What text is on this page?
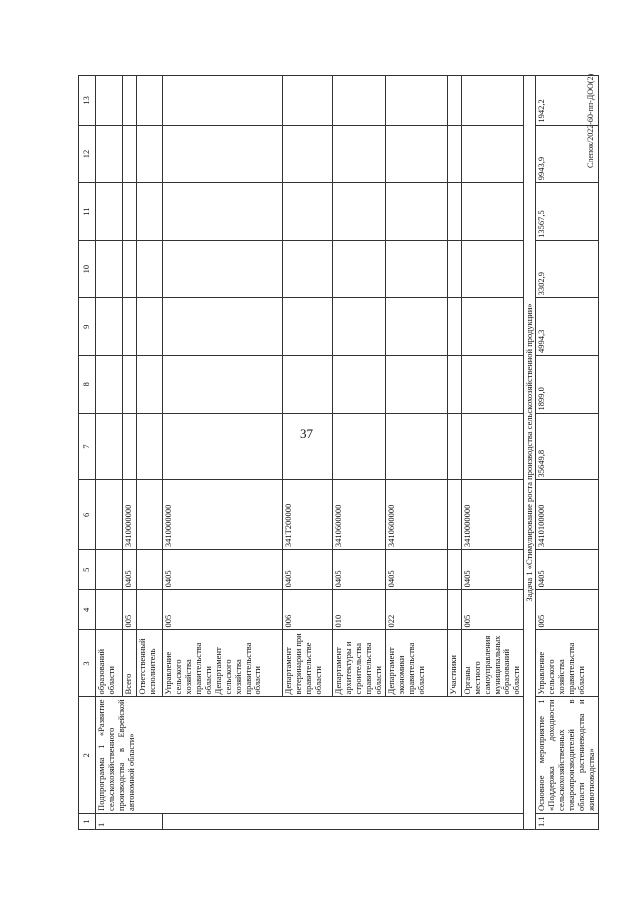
37
Слепок/2022-60-пп-ДОО(2)
1	2	3	4	5	6	7	8	9	10	11	12	13
1	Подпрограмма 1 «Развитие сельскохозяйственного производства в Еврейской автономной области»	образований области										
		Всего	005	0405	3410000000							
		Ответственный исполнитель										
		Управление сельского хозяйства правительства области Департамент сельского хозяйства правительства области	005	0405	3410000000							
		Департамент ветеринарии при правительстве области	006	0405	341Т200000							
		Департамент архитектуры и строительства правительства области	010	0405	3410600000							
		Департамент экономики правительства области	022	0405	3410600000							
		Участники										
		Органы местного самоуправления муниципальных образований области	005	0405	3410000000							
Задача 1 «Стимулирование роста производства сельскохозяйственной продукции»												
1.1	Основное мероприятие 1 «Поддержка доходности сельскохозяйственных товаропроизводителей в области растениеводства и животноводства»	Управление сельского хозяйства правительства области	005	0405	3410100000	35649,8	1899,0	4994,3	3302,9	13567,5	9943,9	1942,2
